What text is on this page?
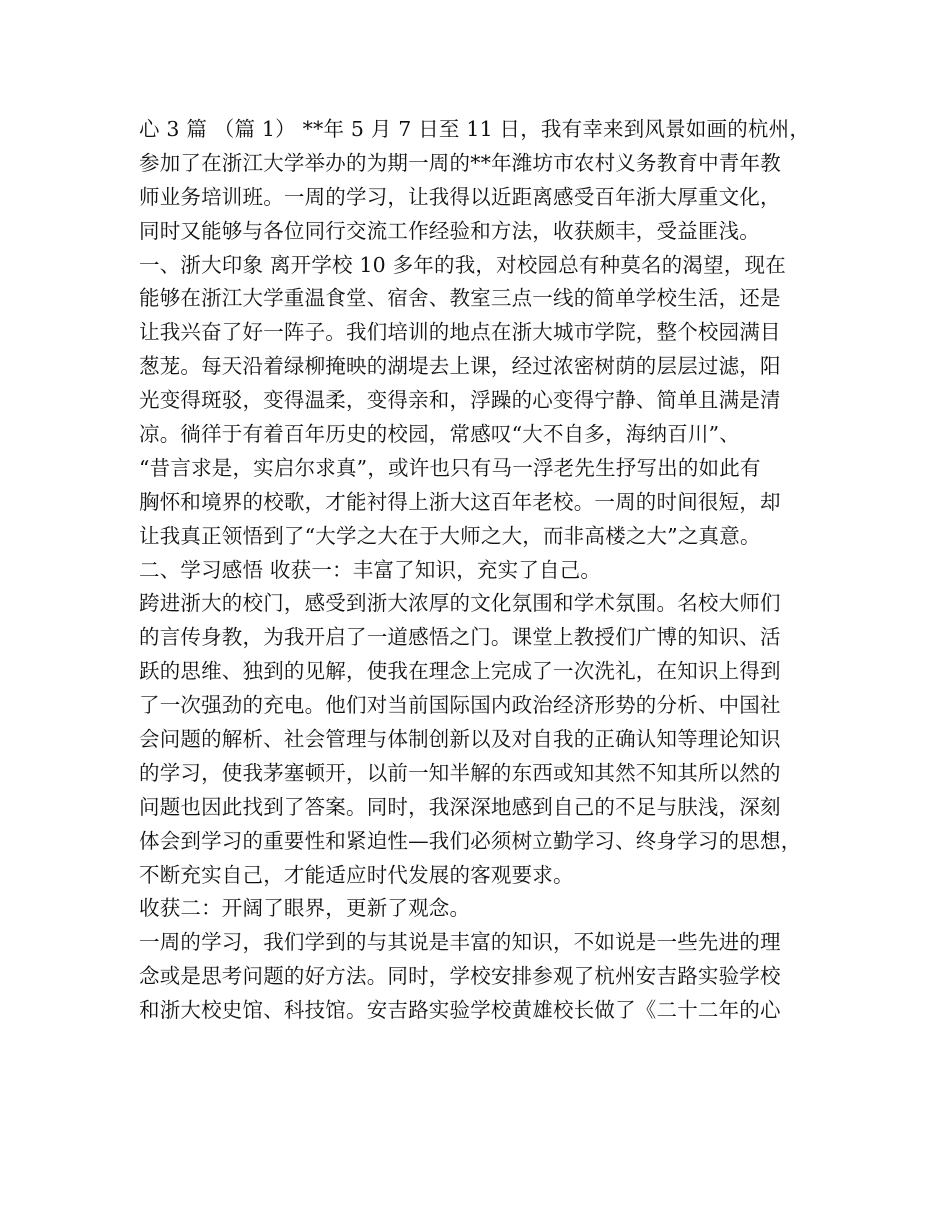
心 3 篇 （篇 1） **年 5 月 7 日至 11 日，我有幸来到风景如画的杭州，
参加了在浙江大学举办的为期一周的**年潍坊市农村义务教育中青年教
师业务培训班。一周的学习，让我得以近距离感受百年浙大厚重文化，
同时又能够与各位同行交流工作经验和方法，收获颇丰，受益匪浅。
一、浙大印象 离开学校 10 多年的我，对校园总有种莫名的渴望，现在
能够在浙江大学重温食堂、宿舍、教室三点一线的简单学校生活，还是
让我兴奋了好一阵子。我们培训的地点在浙大城市学院，整个校园满目
葱茏。每天沿着绿柳掩映的湖堤去上课，经过浓密树荫的层层过滤，阳
光变得斑驳，变得温柔，变得亲和，浮躁的心变得宁静、简单且满是清
凉。徜徉于有着百年历史的校园，常感叹“大不自多，海纳百川”、
“昔言求是，实启尔求真”，或许也只有马一浮老先生抒写出的如此有
胸怀和境界的校歌，才能衬得上浙大这百年老校。一周的时间很短，却
让我真正领悟到了“大学之大在于大师之大，而非高楼之大”之真意。
二、学习感悟 收获一：丰富了知识，充实了自己。
跨进浙大的校门，感受到浙大浓厚的文化氛围和学术氛围。名校大师们
的言传身教，为我开启了一道感悟之门。课堂上教授们广博的知识、活
跃的思维、独到的见解，使我在理念上完成了一次洗礼，在知识上得到
了一次强劲的充电。他们对当前国际国内政治经济形势的分析、中国社
会问题的解析、社会管理与体制创新以及对自我的正确认知等理论知识
的学习，使我茅塞顿开，以前一知半解的东西或知其然不知其所以然的
问题也因此找到了答案。同时，我深深地感到自己的不足与肤浅，深刻
体会到学习的重要性和紧迫性—我们必须树立勤学习、终身学习的思想，
不断充实自己，才能适应时代发展的客观要求。
收获二：开阔了眼界，更新了观念。
一周的学习，我们学到的与其说是丰富的知识，不如说是一些先进的理
念或是思考问题的好方法。同时，学校安排参观了杭州安吉路实验学校
和浙大校史馆、科技馆。安吉路实验学校黄雄校长做了《二十二年的心
